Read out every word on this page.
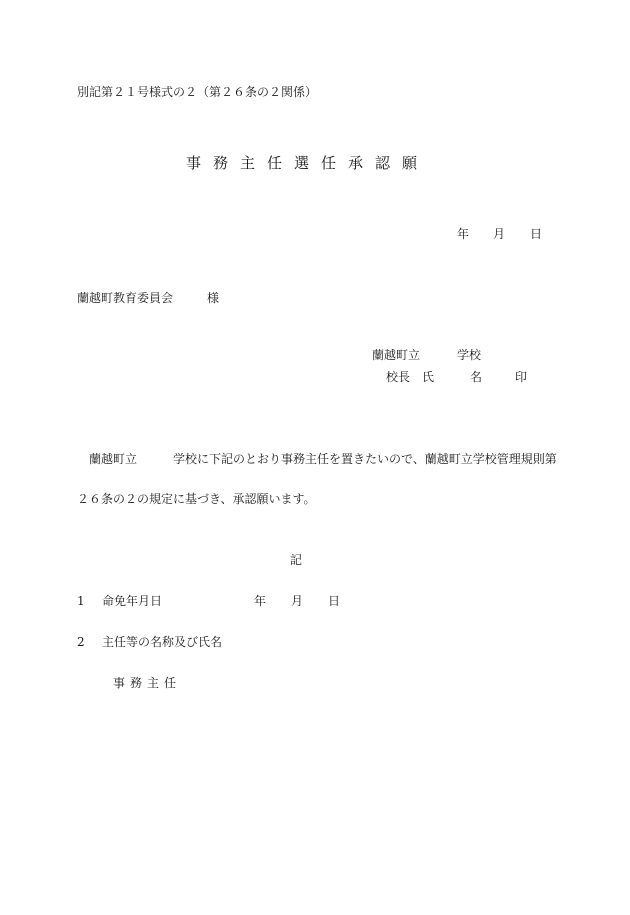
別記第２１号様式の２（第２６条の２関係）
事務主任選任承認願
年 月 日
蘭越町教育委員会	様
蘭越町立	学校
校長　氏	名	印
蘭越町立	学校に下記のとおり事務主任を置きたいので、蘭越町立学校管理規則第
２６条の２の規定に基づき、承認願います。
記
1 命免年月日	年 月 日
2 主任等の名称及び氏名
事務主任
